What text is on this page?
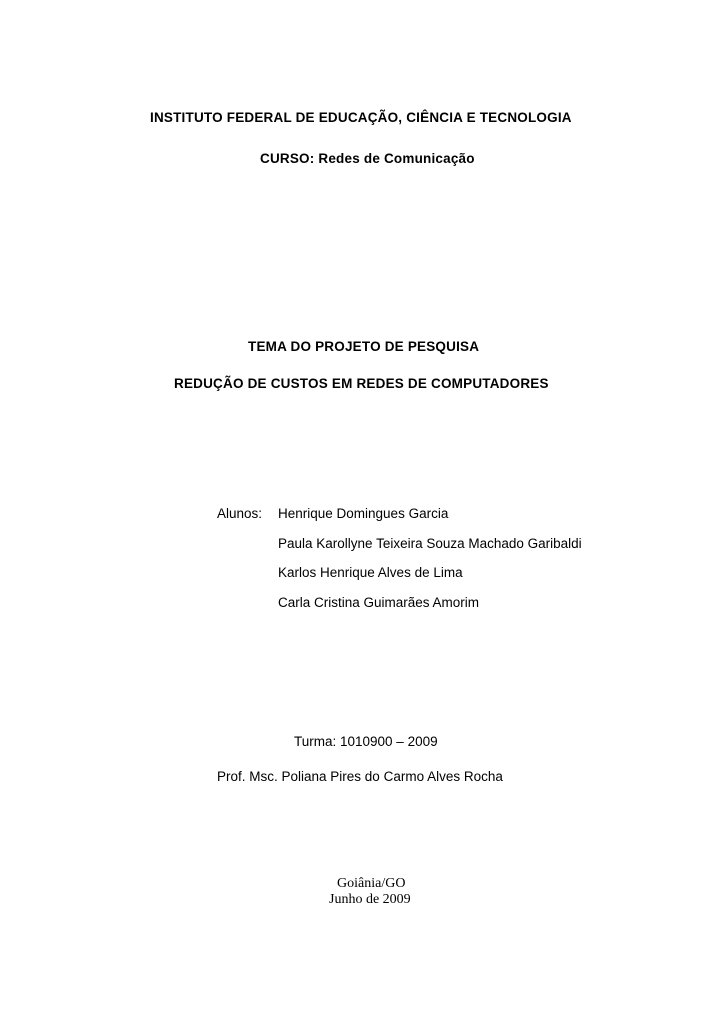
INSTITUTO FEDERAL DE EDUCAÇÃO, CIÊNCIA E TECNOLOGIA
CURSO: Redes de Comunicação
TEMA DO PROJETO DE PESQUISA
REDUÇÃO DE CUSTOS EM REDES DE COMPUTADORES
Alunos: Henrique Domingues Garcia
Paula Karollyne Teixeira Souza Machado Garibaldi
Karlos Henrique Alves de Lima
Carla Cristina Guimarães Amorim
Turma: 1010900 – 2009
Prof. Msc. Poliana Pires do Carmo Alves Rocha
Goiânia/GO
Junho de 2009
